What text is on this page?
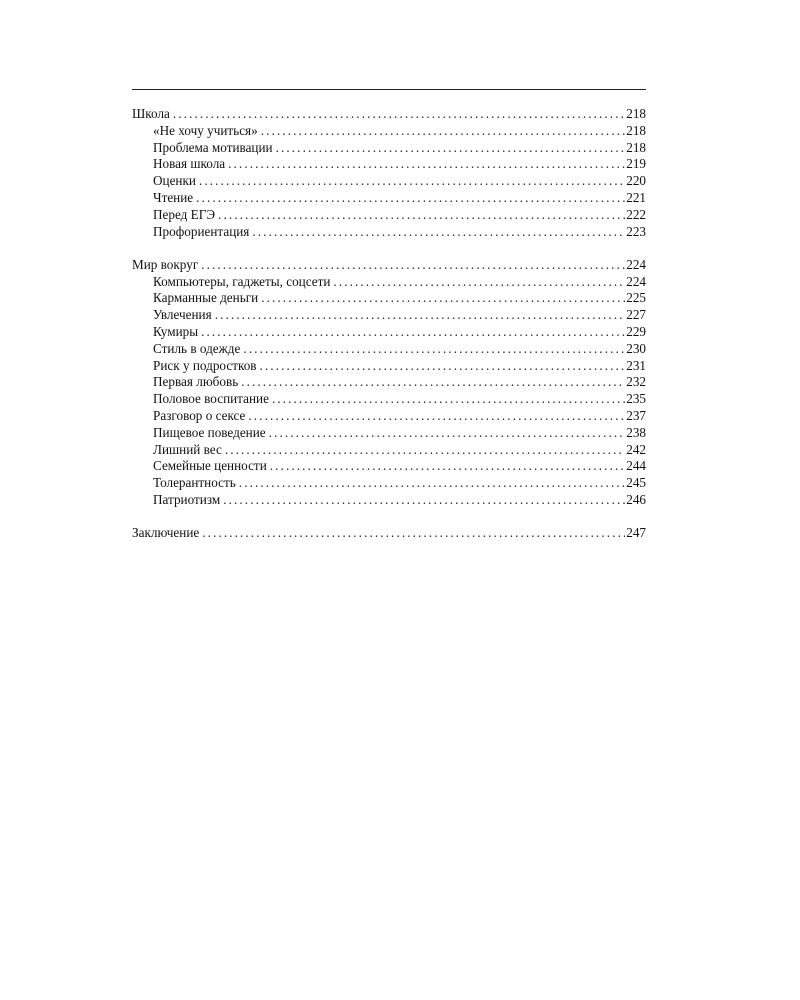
Школа . . .	218
«Не хочу учиться» . . .	218
Проблема мотивации . . .	218
Новая школа . . .	219
Оценки . . .	220
Чтение . . .	221
Перед ЕГЭ . . .	222
Профориентация . . .	223
Мир вокруг . . .	224
Компьютеры, гаджеты, соцсети . . .	224
Карманные деньги . . .	225
Увлечения . . .	227
Кумиры . . .	229
Стиль в одежде . . .	230
Риск у подростков . . .	231
Первая любовь . . .	232
Половое воспитание . . .	235
Разговор о сексе . . .	237
Пищевое поведение . . .	238
Лишний вес . . .	242
Семейные ценности . . .	244
Толерантность . . .	245
Патриотизм . . .	246
Заключение . . .	247
